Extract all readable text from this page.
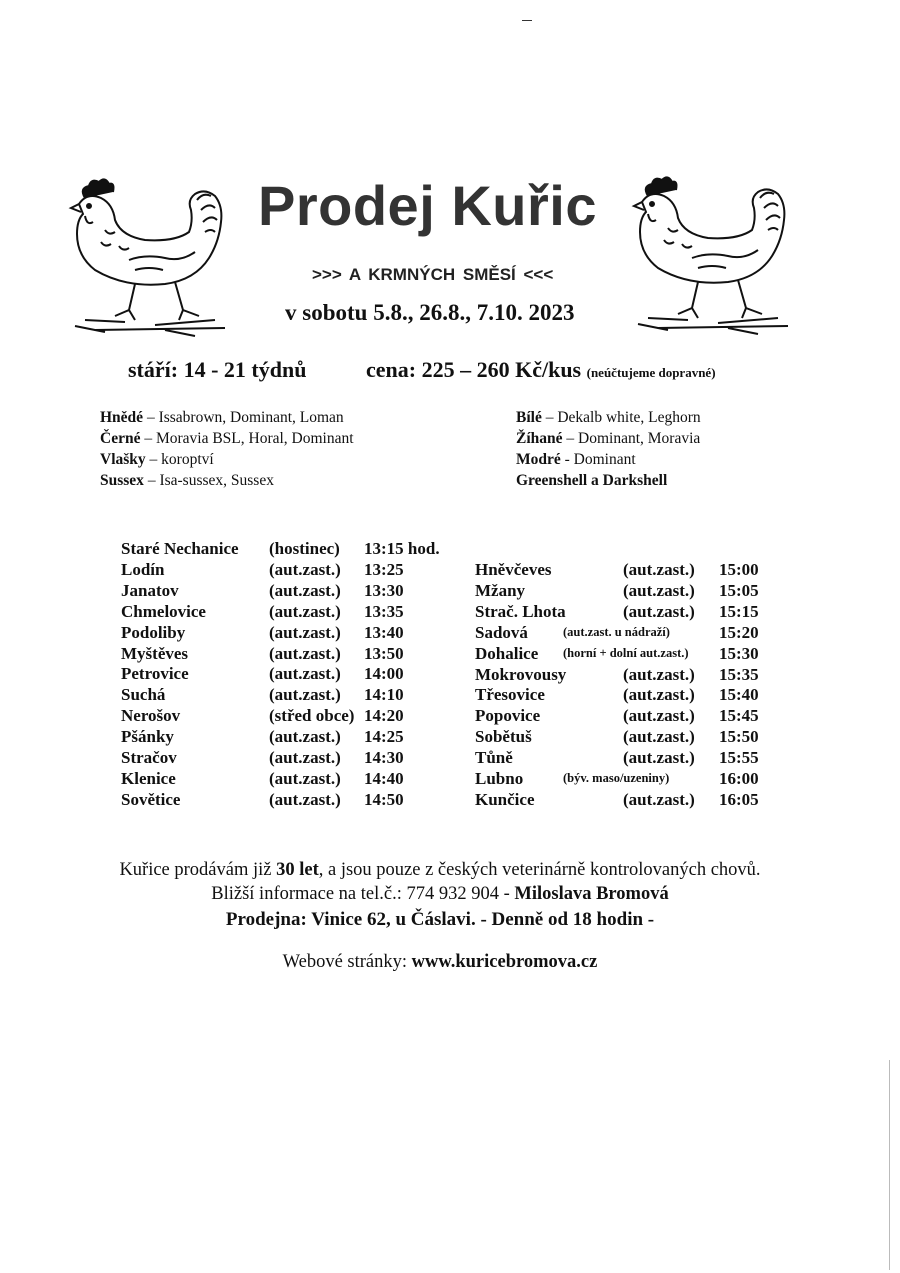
Prodej Kuřic
>>> A KRMNÝCH SMĚSÍ <<<
v sobotu 5.8., 26.8., 7.10. 2023
stáří: 14 - 21 týdnů	cena: 225 – 260 Kč/kus (neúčtujeme dopravné)
Hnědé – Issabrown, Dominant, Loman
Černé – Moravia BSL, Horal, Dominant
Vlašky – koroptví
Sussex – Isa-sussex, Sussex
Bílé – Dekalb white, Leghorn
Žíhané – Dominant, Moravia
Modré - Dominant
Greenshell a Darkshell
Staré Nechanice (hostinec) 13:15 hod.
Lodín	(aut.zast.) 13:25
Janatov	(aut.zast.) 13:30
Chmelovice	(aut.zast.) 13:35
Podoliby	(aut.zast.) 13:40
Myštěves	(aut.zast.) 13:50
Petrovice	(aut.zast.) 14:00
Suchá	(aut.zast.) 14:10
Nerošov	(střed obce) 14:20
Pšánky	(aut.zast.) 14:25
Stračov	(aut.zast.) 14:30
Klenice	(aut.zast.) 14:40
Sovětice	(aut.zast.) 14:50
Hněvčeves	(aut.zast.) 15:00
Mžany	(aut.zast.) 15:05
Strač. Lhota	(aut.zast.) 15:15
Sadová	(aut.zast. u nádraží)	15:20
Dohalice (horní + dolní aut.zast.) 15:30
Mokrovousy	(aut.zast.) 15:35
Třesovice	(aut.zast.) 15:40
Popovice	(aut.zast.) 15:45
Sobětuš	(aut.zast.) 15:50
Tůně	(aut.zast.) 15:55
Lubno	(býv. maso/uzeniny)	16:00
Kunčice	(aut.zast.) 16:05
Kuřice prodávám již 30 let, a jsou pouze z českých veterinárně kontrolovaných chovů.
Bližší informace na tel.č.: 774 932 904 - Miloslava Bromová
Prodejna: Vinice 62, u Čáslavi. - Denně od 18 hodin -
Webové stránky: www.kuricebromova.cz
